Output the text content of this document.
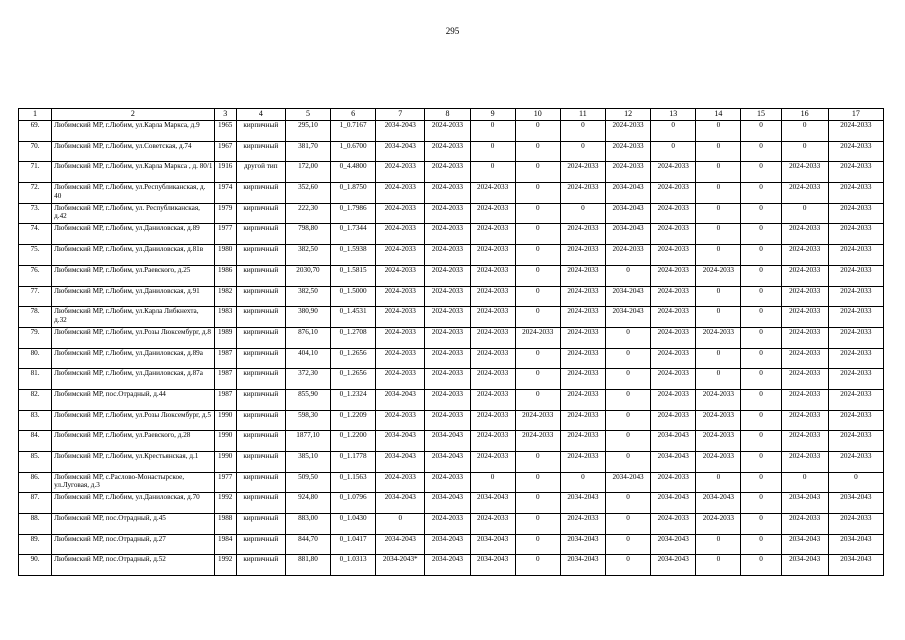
295
1	2	3	4	5	6	7	8	9	10	11	12	13	14	15	16	17
69.	Любимский МР, г.Любим, ул.Карла Маркса, д.9	1965	кирпичный	295,10	1_0.7167	2034-2043	2024-2033	0	0	0	2024-2033	0	0	0	0	2024-2033
70.	Любимский МР, г.Любим, ул.Советская, д.74	1967	кирпичный	381,70	1_0.6700	2034-2043	2024-2033	0	0	0	2024-2033	0	0	0	0	2024-2033
71.	Любимский МР, г.Любим, ул.Карла Маркса , д. 80/1	1916	другой тип	172,00	0_4.4800	2024-2033	2024-2033	0	0	2024-2033	2024-2033	2024-2033	0	0	2024-2033	2024-2033
72.	Любимский МР, г.Любим, ул.Республиканская, д. 40	1974	кирпичный	352,60	0_1.8750	2024-2033	2024-2033	2024-2033	0	2024-2033	2034-2043	2024-2033	0	0	2024-2033	2024-2033
73.	Любимский МР, г.Любим, ул. Республиканская, д.42	1979	кирпичный	222,30	0_1.7986	2024-2033	2024-2033	2024-2033	0	0	2034-2043	2024-2033	0	0	0	2024-2033
74.	Любимский МР, г.Любим, ул.Даниловская, д.89	1977	кирпичный	798,80	0_1.7344	2024-2033	2024-2033	2024-2033	0	2024-2033	2034-2043	2024-2033	0	0	2024-2033	2024-2033
75.	Любимский МР, г.Любим, ул.Даниловская, д.81в	1980	кирпичный	382,50	0_1.5938	2024-2033	2024-2033	2024-2033	0	2024-2033	2024-2033	2024-2033	0	0	2024-2033	2024-2033
76.	Любимский МР, г.Любим, ул.Раевского, д.25	1986	кирпичный	2030,70	0_1.5815	2024-2033	2024-2033	2024-2033	0	2024-2033	0	2024-2033	2024-2033	0	2024-2033	2024-2033
77.	Любимский МР, г.Любим, ул.Даниловская, д.91	1982	кирпичный	382,50	0_1.5000	2024-2033	2024-2033	2024-2033	0	2024-2033	2034-2043	2024-2033	0	0	2024-2033	2024-2033
78.	Любимский МР, г.Любим, ул.Карла Либкнехта, д.32	1983	кирпичный	380,90	0_1.4531	2024-2033	2024-2033	2024-2033	0	2024-2033	2034-2043	2024-2033	0	0	2024-2033	2024-2033
79.	Любимский МР, г.Любим, ул.Розы Люксембург, д.8	1989	кирпичный	876,10	0_1.2708	2024-2033	2024-2033	2024-2033	2024-2033	2024-2033	0	2024-2033	2024-2033	0	2024-2033	2024-2033
80.	Любимский МР, г.Любим, ул.Даниловская, д.89а	1987	кирпичный	404,10	0_1.2656	2024-2033	2024-2033	2024-2033	0	2024-2033	0	2024-2033	0	0	2024-2033	2024-2033
81.	Любимский МР, г.Любим, ул.Даниловская, д.87а	1987	кирпичный	372,30	0_1.2656	2024-2033	2024-2033	2024-2033	0	2024-2033	0	2024-2033	0	0	2024-2033	2024-2033
82.	Любимский МР, пос.Отрадный, д.44	1987	кирпичный	855,90	0_1.2324	2034-2043	2024-2033	2024-2033	0	2024-2033	0	2024-2033	2024-2033	0	2024-2033	2024-2033
83.	Любимский МР, г.Любим, ул.Розы Люксембург, д.5	1990	кирпичный	598,30	0_1.2209	2024-2033	2024-2033	2024-2033	2024-2033	2024-2033	0	2024-2033	2024-2033	0	2024-2033	2024-2033
84.	Любимский МР, г.Любим, ул.Раевского, д.28	1990	кирпичный	1877,10	0_1.2200	2034-2043	2034-2043	2024-2033	2024-2033	2024-2033	0	2034-2043	2024-2033	0	2024-2033	2024-2033
85.	Любимский МР, г.Любим, ул.Крестьянская, д.1	1990	кирпичный	385,10	0_1.1778	2034-2043	2034-2043	2024-2033	0	2024-2033	0	2034-2043	2024-2033	0	2024-2033	2024-2033
86.	Любимский МР, с.Раслово-Монастырское, ул.Луговая, д.3	1977	кирпичный	509,50	0_1.1563	2024-2033	2024-2033	0	0	0	2034-2043	2024-2033	0	0	0	0
87.	Любимский МР, г.Любим, ул.Даниловская, д.70	1992	кирпичный	924,80	0_1.0796	2034-2043	2034-2043	2034-2043	0	2034-2043	0	2034-2043	2034-2043	0	2034-2043	2034-2043
88.	Любимский МР, пос.Отрадный, д.45	1988	кирпичный	883,00	0_1.0430	0	2024-2033	2024-2033	0	2024-2033	0	2024-2033	2024-2033	0	2024-2033	2024-2033
89.	Любимский МР, пос.Отрадный, д.27	1984	кирпичный	844,70	0_1.0417	2034-2043	2034-2043	2034-2043	0	2034-2043	0	2034-2043	0	0	2034-2043	2034-2043
90.	Любимский МР, пос.Отрадный, д.52	1992	кирпичный	881,80	0_1.0313	2034-2043*	2034-2043	2034-2043	0	2034-2043	0	2034-2043	0	0	2034-2043	2034-2043
